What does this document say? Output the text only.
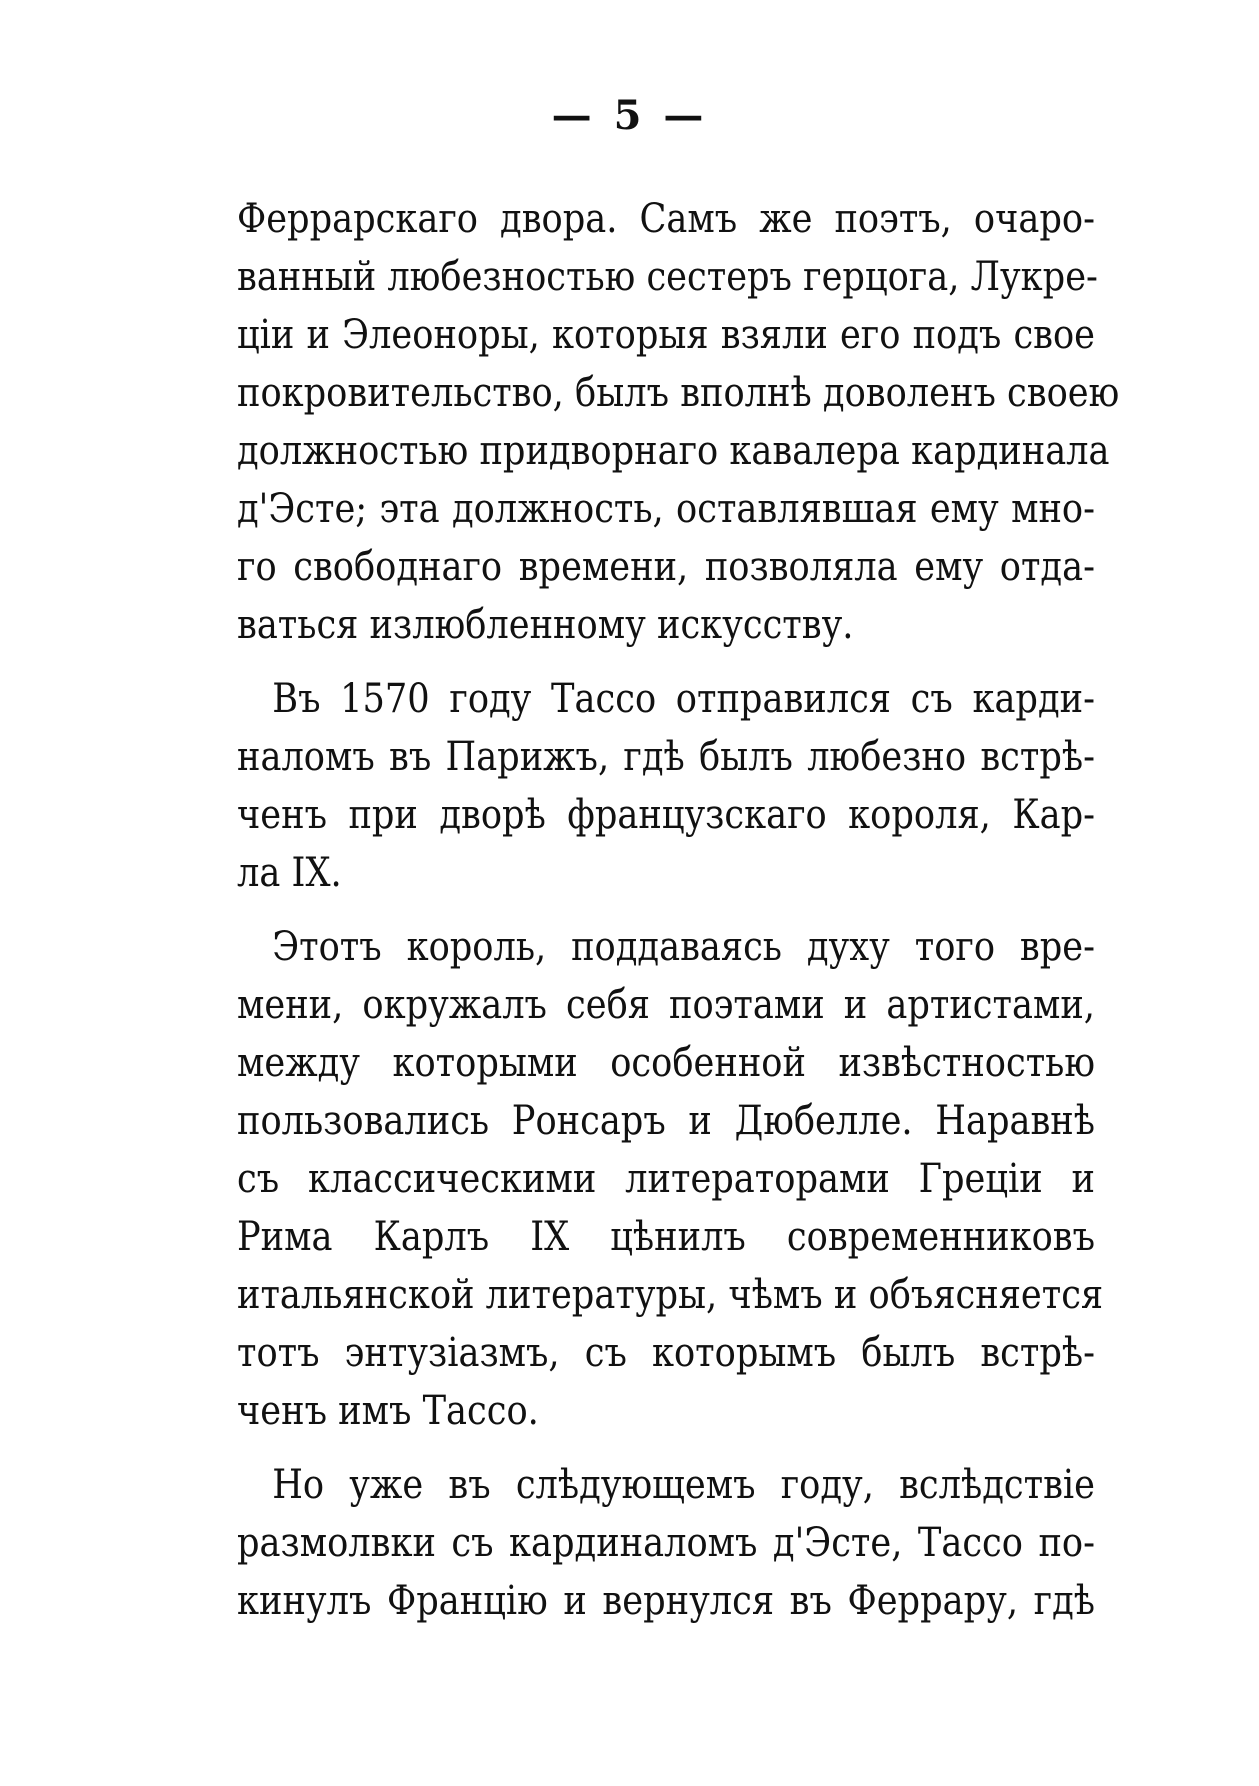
— 5 —
Феррарскаго двора. Самъ же поэтъ, очаро-
ванный любезностью сестеръ герцога, Лукре-
ціи и Элеоноры, которыя взяли его подъ свое
покровительство, былъ вполнѣ доволенъ своею
должностью придворнаго кавалера кардинала
д'Эсте; эта должность, оставлявшая ему мно-
го свободнаго времени, позволяла ему отда-
ваться излюбленному искусству.
Въ 1570 году Тассо отправился съ карди-
наломъ въ Парижъ, гдѣ былъ любезно встрѣ-
ченъ при дворѣ французскаго короля, Кар-
ла IX.
Этотъ король, поддаваясь духу того вре-
мени, окружалъ себя поэтами и артистами,
между которыми особенной извѣстностью
пользовались Ронсаръ и Дюбелле. Наравнѣ
съ классическими литераторами Греціи и
Рима Карлъ IX цѣнилъ современниковъ
итальянской литературы, чѣмъ и объясняется
тотъ энтузіазмъ, съ которымъ былъ встрѣ-
ченъ имъ Тассо.
Но уже въ слѣдующемъ году, вслѣдствіе
размолвки съ кардиналомъ д'Эсте, Тассо по-
кинулъ Францію и вернулся въ Феррару, гдѣ
